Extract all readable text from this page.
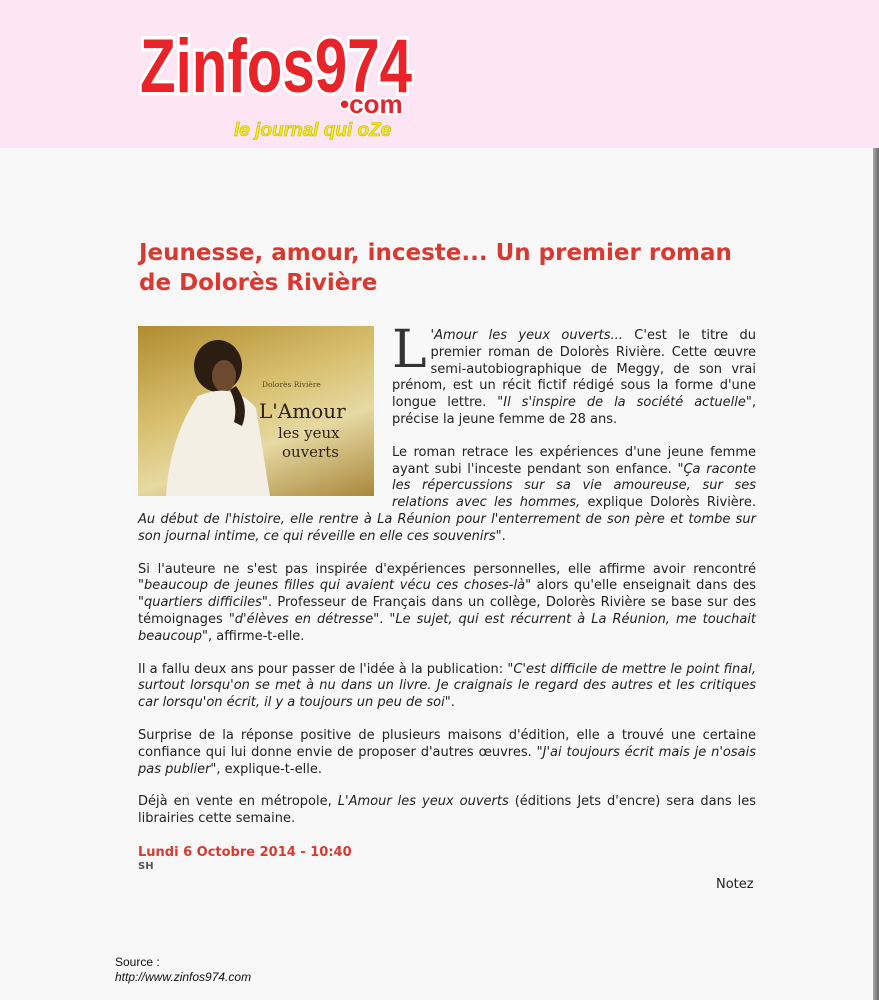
Zinfos974
•com
le journal qui oZe
Jeunesse, amour, inceste... Un premier roman de Dolorès Rivière
Dolorès Rivière
L'Amour
les yeux
ouverts

L 'Amour les yeux ouverts... C'est le titre du premier roman de Dolorès Rivière. Cette œuvre semi-autobiographique de Meggy, de son vrai prénom, est un récit fictif rédigé sous la forme d'une longue lettre. "Il s'inspire de la société actuelle", précise la jeune femme de 28 ans.

Le roman retrace les expériences d'une jeune femme ayant subi l'inceste pendant son enfance. "Ça raconte les répercussions sur sa vie amoureuse, sur ses relations avec les hommes, explique Dolorès Rivière. Au début de l'histoire, elle rentre à La Réunion pour l'enterrement de son père et tombe sur son journal intime, ce qui réveille en elle ces souvenirs".

Si l'auteure ne s'est pas inspirée d'expériences personnelles, elle affirme avoir rencontré "beaucoup de jeunes filles qui avaient vécu ces choses-là" alors qu'elle enseignait dans des "quartiers difficiles". Professeur de Français dans un collège, Dolorès Rivière se base sur des témoignages "d'élèves en détresse". "Le sujet, qui est récurrent à La Réunion, me touchait beaucoup", affirme-t-elle.

Il a fallu deux ans pour passer de l'idée à la publication: "C'est difficile de mettre le point final, surtout lorsqu'on se met à nu dans un livre. Je craignais le regard des autres et les critiques car lorsqu'on écrit, il y a toujours un peu de soi".

Surprise de la réponse positive de plusieurs maisons d'édition, elle a trouvé une certaine confiance qui lui donne envie de proposer d'autres œuvres. "J'ai toujours écrit mais je n'osais pas publier", explique-t-elle.

Déjà en vente en métropole, L'Amour les yeux ouverts (éditions Jets d'encre) sera dans les librairies cette semaine.

Lundi 6 Octobre 2014 - 10:40
SH
Notez
Source :
http://www.zinfos974.com
